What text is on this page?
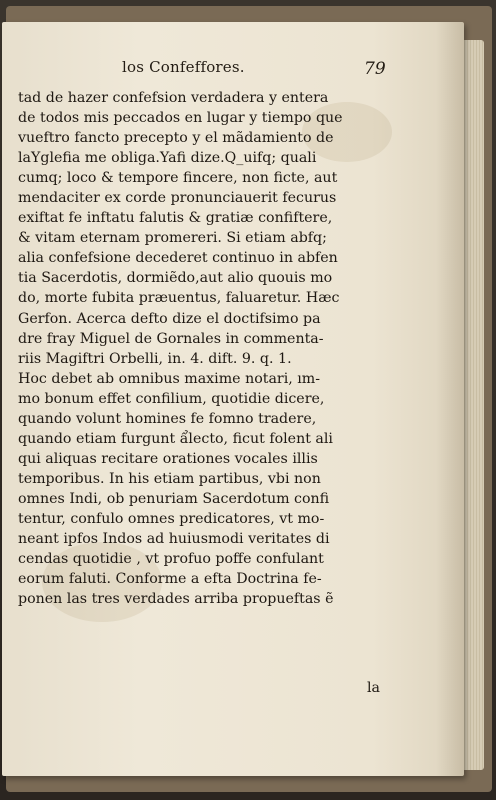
los Confeffores.	79
tad de hazer confefsion verdadera y entera
de todos mis peccados en lugar y tiempo que
vueftro fancto precepto y el mãdamiento de
laYglefia me obliga.Yafi dize.Q_uifq; quali
cumq; loco & tempore fincere, non ficte, aut
mendaciter ex corde pronunciauerit fecurus
exiftat fe inftatu falutis & gratiæ confiftere,
& vitam eternam promereri. Si etiam abfq;
alia confefsione decederet continuo in abfen
tia Sacerdotis, dormiẽdo,aut alio quouis mo
do, morte fubita præuentus, faluaretur. Hæc
Gerfon. Acerca defto dize el doctifsimo pa
dre fray Miguel de Gornales in commenta-
riis Magiftri Orbelli, in. 4. dift. 9. q. 1.
Hoc debet ab omnibus maxime notari, ım-
mo bonum effet confilium, quotidie dicere,
quando volunt homines fe fomno tradere,
quando etiam furgunt ẩlecto, ficut folent ali
qui aliquas recitare orationes vocales illis
temporibus. In his etiam partibus, vbi non
omnes Indi, ob penuriam Sacerdotum confi
tentur, confulo omnes predicatores, vt mo-
neant ipfos Indos ad huiusmodi veritates di
cendas quotidie , vt profuo poffe confulant
eorum faluti. Conforme a efta Doctrina fe-
ponen las tres verdades arriba propueftas ẽ
la
